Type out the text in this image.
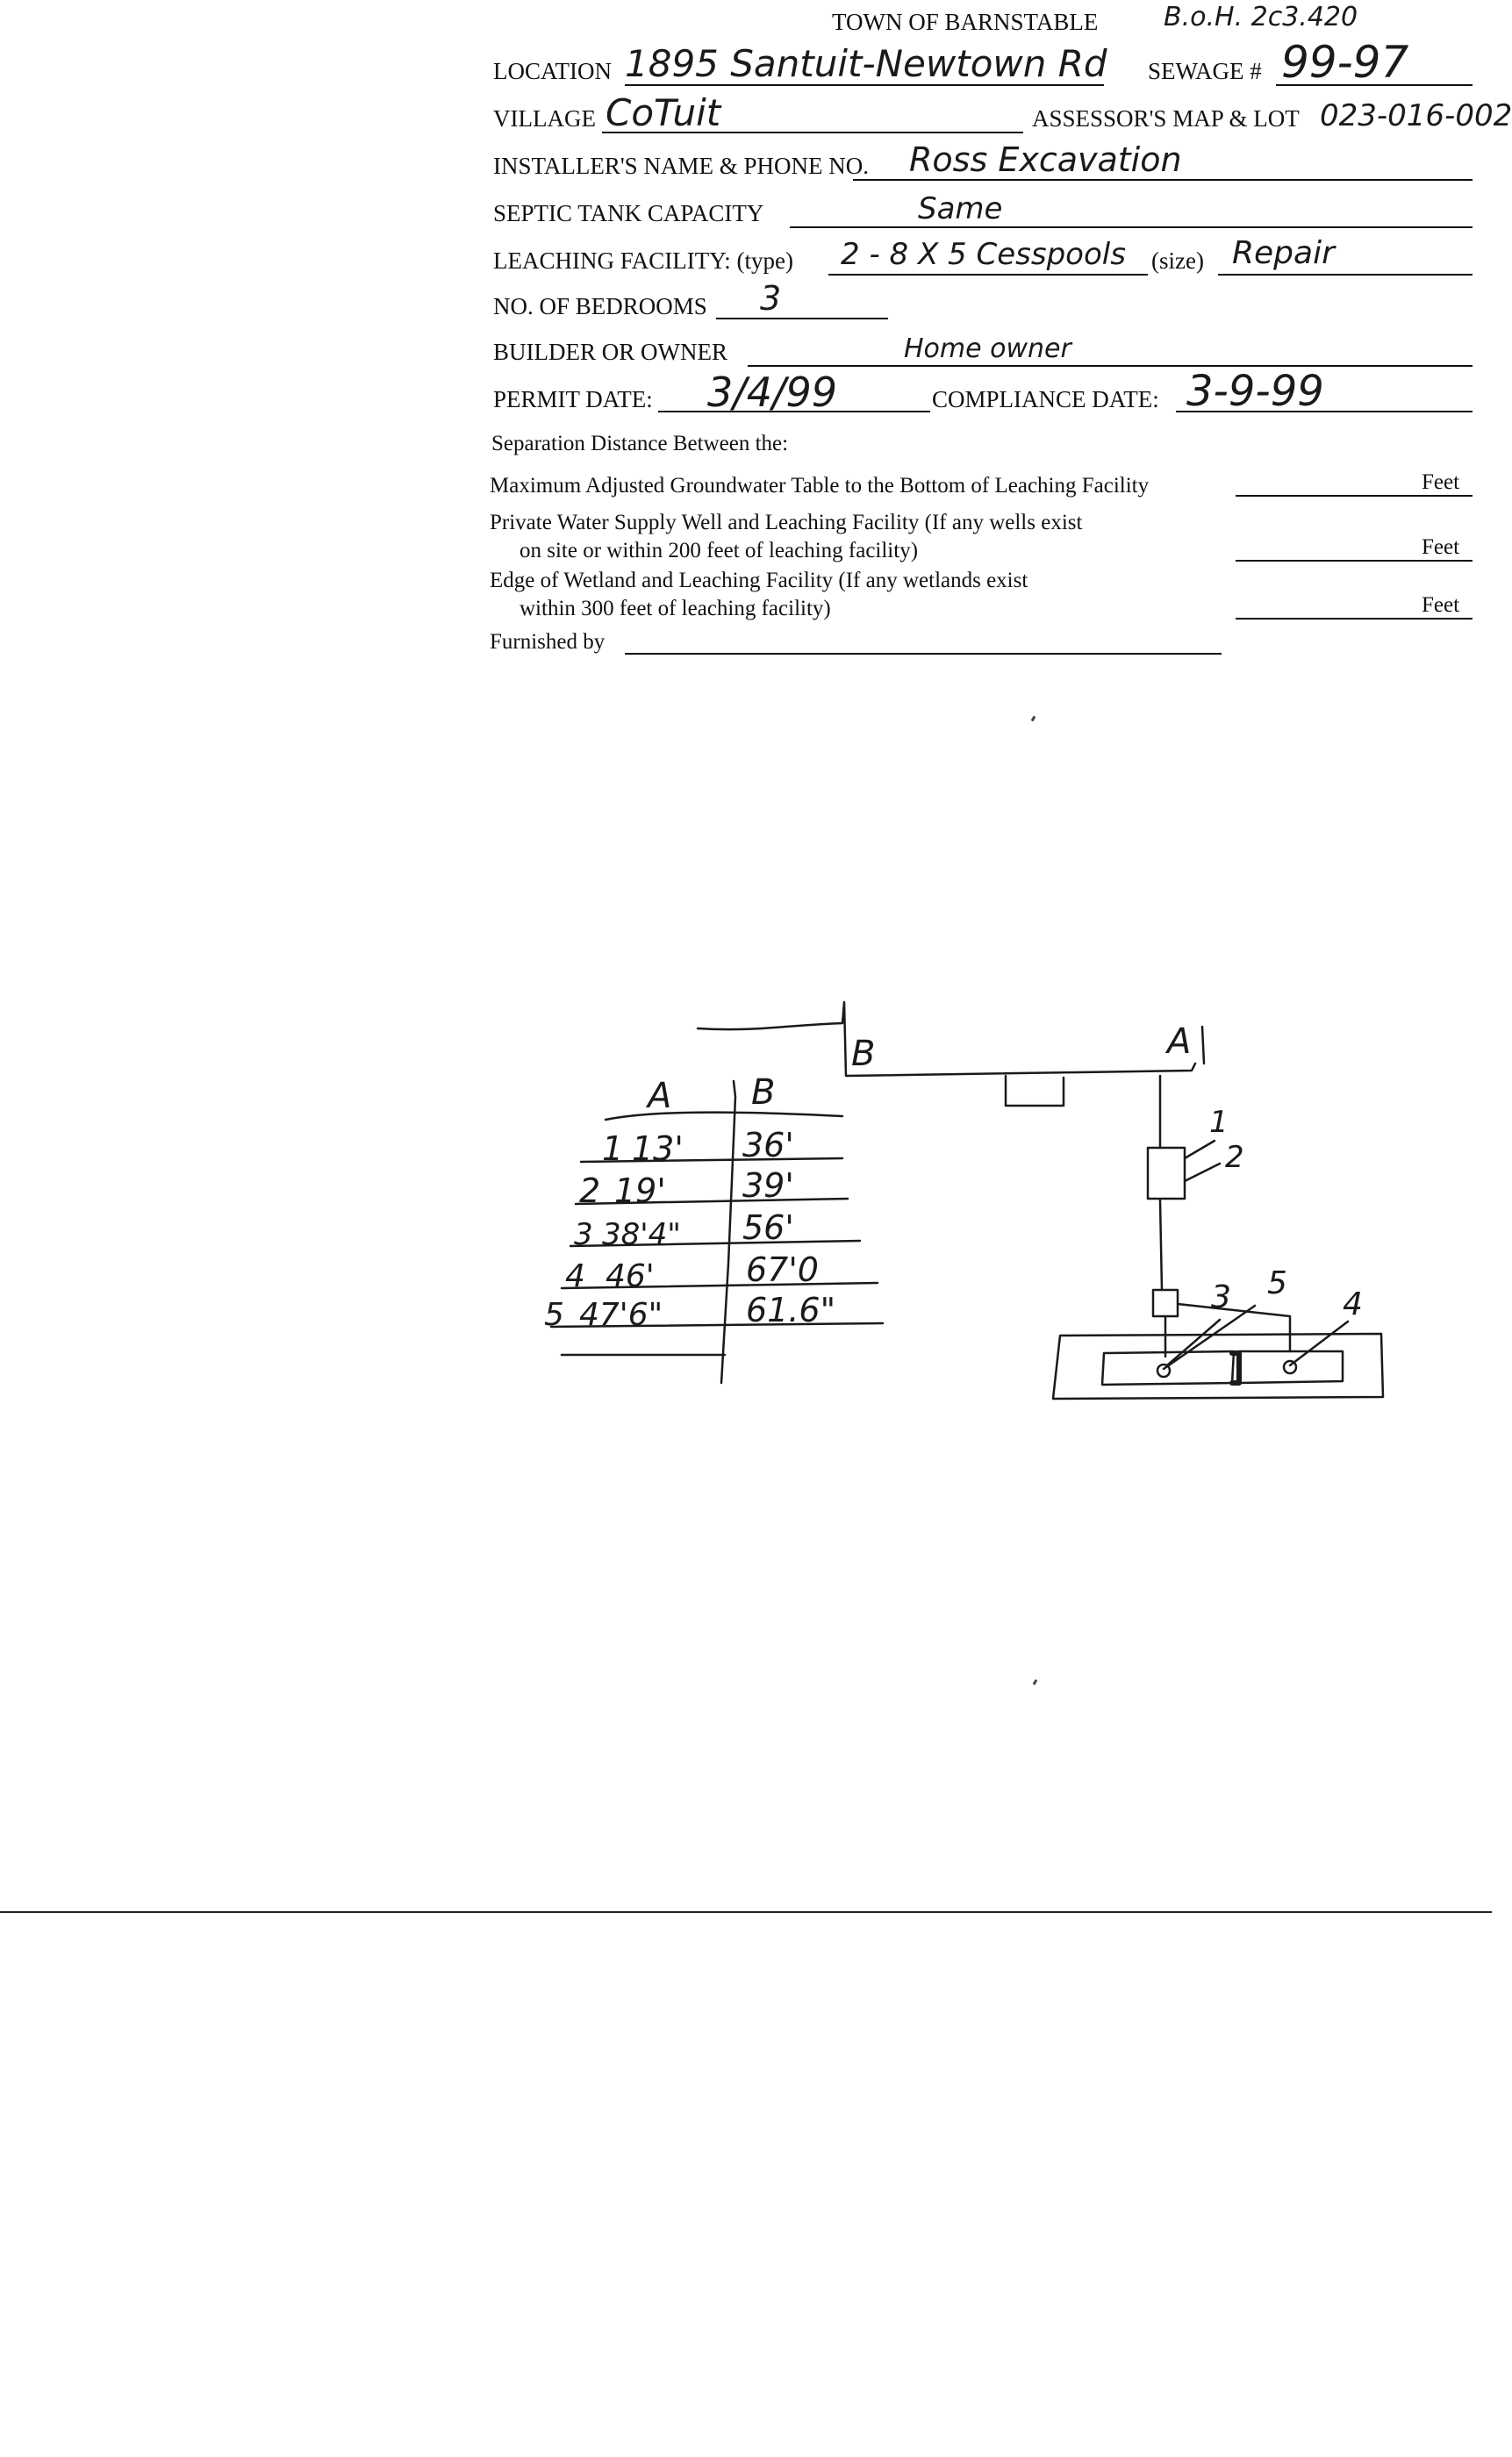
TOWN OF BARNSTABLE B.o.H. 2c3.420
LOCATION 1895 Santuit-Newtown Rd SEWAGE # 99-97
VILLAGE CoTuit	ASSESSOR'S MAP & LOT 023-016-002
INSTALLER'S NAME & PHONE NO. Ross Excavation
SEPTIC TANK CAPACITY	Same
LEACHING FACILITY: (type) 2 - 8 X 5 Cesspools (size) Repair
NO. OF BEDROOMS 3
BUILDER OR OWNER	Home owner
PERMIT DATE: 3/4/99	COMPLIANCE DATE: 3-9-99
Separation Distance Between the:
Maximum Adjusted Groundwater Table to the Bottom of Leaching Facility	Feet
Private Water Supply Well and Leaching Facility (If any wells exist
on site or within 200 feet of leaching facility)	Feet
Edge of Wetland and Leaching Facility (If any wetlands exist
within 300 feet of leaching facility)	Feet
Furnished by
B	A
1
2
3 5
4
A B
1 13' 36'
2 19' 39'
3 38'4" 56'
4 46'	67'0
5 47'6" 61.6"
